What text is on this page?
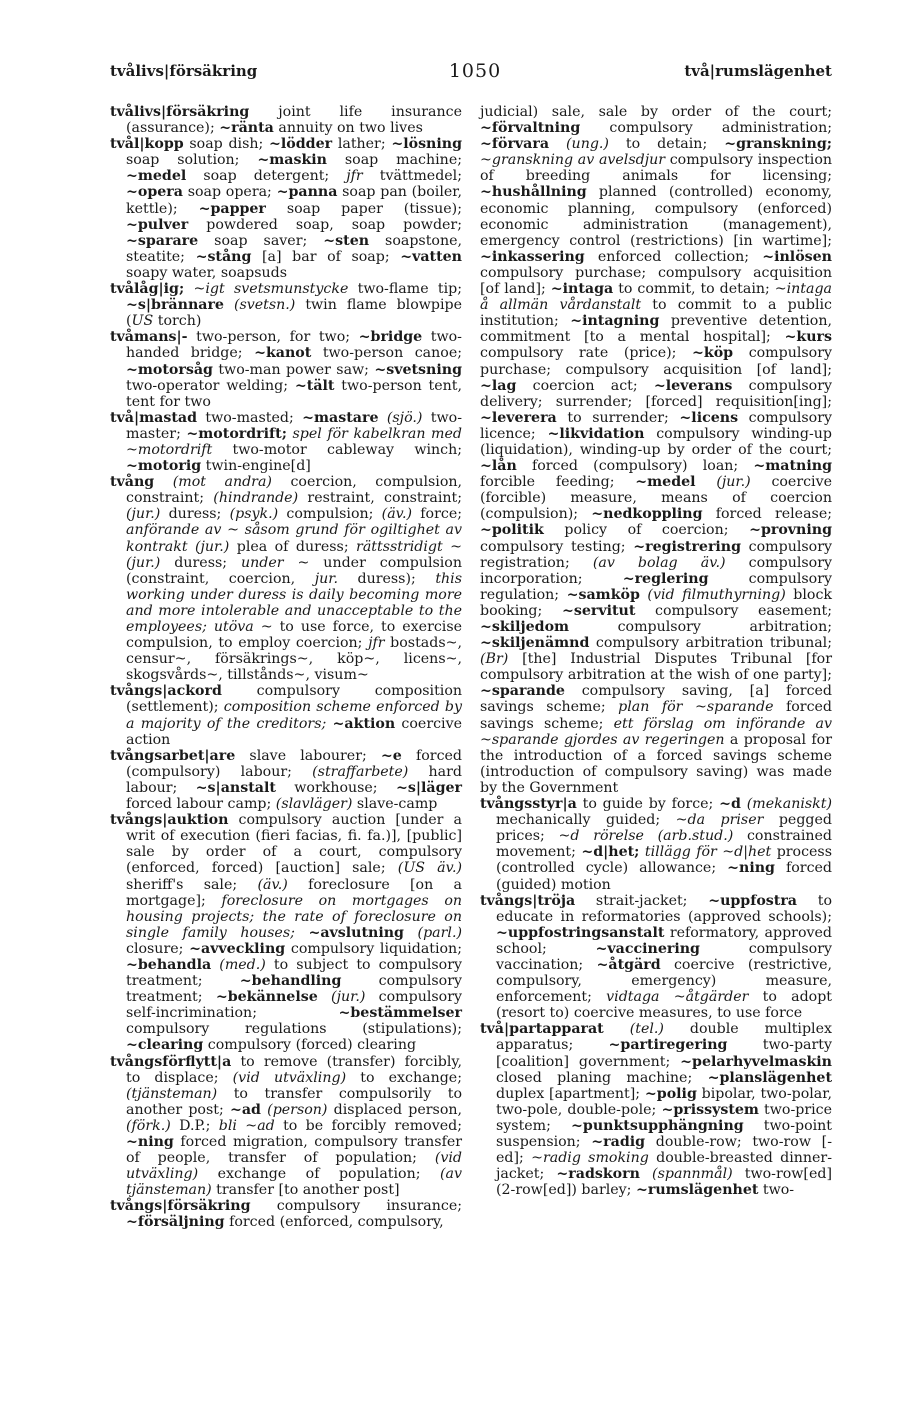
tvålivs|försäkring	1050	två|rumslägenhet

tvålivs|försäkring joint life insurance (assurance); ~ränta annuity on two lives

tvål|kopp soap dish; ~lödder lather; ~lösning soap solution; ~maskin soap machine; ~medel soap detergent; jfr tvättmedel; ~opera soap opera; ~panna soap pan (boiler, kettle); ~papper soap paper (tissue); ~pulver powdered soap, soap powder; ~sparare soap saver; ~sten soapstone, steatite; ~stång [a] bar of soap; ~vatten soapy water, soapsuds

tvålåg|ig; ~igt svetsmunstycke two-flame tip; ~s|brännare (svetsn.) twin flame blowpipe (US torch)

tvåmans|- two-person, for two; ~bridge two-handed bridge; ~kanot two-person canoe; ~motorsåg two-man power saw; ~svetsning two-operator welding; ~tält two-person tent, tent for two

två|mastad two-masted; ~mastare (sjö.) two-master; ~motordrift; spel för kabelkran med ~motordrift two-motor cableway winch; ~motorig twin-engine[d]

tvång (mot andra) coercion, compulsion, constraint; (hindrande) restraint, constraint; (jur.) duress; (psyk.) compulsion; (äv.) force; anförande av ~ såsom grund för ogiltighet av kontrakt (jur.) plea of duress; rättsstridigt ~ (jur.) duress; under ~ under compulsion (constraint, coercion, jur. duress); this working under duress is daily becoming more and more intolerable and unacceptable to the employees; utöva ~ to use force, to exercise compulsion, to employ coercion; jfr bostads~, censur~, försäkrings~, köp~, licens~, skogsvårds~, tillstånds~, visum~

tvångs|ackord compulsory composition (settlement); composition scheme enforced by a majority of the creditors; ~aktion coercive action

tvångsarbet|are slave labourer; ~e forced (compulsory) labour; (straffarbete) hard labour; ~s|anstalt workhouse; ~s|läger forced labour camp; (slavläger) slave-camp

tvångs|auktion compulsory auction [under a writ of execution (fieri facias, fi. fa.)], [public] sale by order of a court, compulsory (enforced, forced) [auction] sale; (US äv.) sheriff's sale; (äv.) foreclosure [on a mortgage]; foreclosure on mortgages on housing projects; the rate of foreclosure on single family houses; ~avslutning (parl.) closure; ~avveckling compulsory liquidation; ~behandla (med.) to subject to compulsory treatment; ~behandling compulsory treatment; ~bekännelse (jur.) compulsory self-incrimination; ~bestämmelser compulsory regulations (stipulations); ~clearing compulsory (forced) clearing

tvångsförflytt|a to remove (transfer) forcibly, to displace; (vid utväxling) to exchange; (tjänsteman) to transfer compulsorily to another post; ~ad (person) displaced person, (förk.) D.P.; bli ~ad to be forcibly removed; ~ning forced migration, compulsory transfer of people, transfer of population; (vid utväxling) exchange of population; (av tjänsteman) transfer [to another post]

tvångs|försäkring compulsory insurance; ~försäljning forced (enforced, compulsory,

judicial) sale, sale by order of the court; ~förvaltning compulsory administration; ~förvara (ung.) to detain; ~granskning; ~granskning av avelsdjur compulsory inspection of breeding animals for licensing; ~hushållning planned (controlled) economy, economic planning, compulsory (enforced) economic administration (management), emergency control (restrictions) [in wartime]; ~inkassering enforced collection; ~inlösen compulsory purchase; compulsory acquisition [of land]; ~intaga to commit, to detain; ~intaga å allmän vårdanstalt to commit to a public institution; ~intagning preventive detention, commitment [to a mental hospital]; ~kurs compulsory rate (price); ~köp compulsory purchase; compulsory acquisition [of land]; ~lag coercion act; ~leverans compulsory delivery; surrender; [forced] requisition[ing]; ~leverera to surrender; ~licens compulsory licence; ~likvidation compulsory winding-up (liquidation), winding-up by order of the court; ~lån forced (compulsory) loan; ~matning forcible feeding; ~medel (jur.) coercive (forcible) measure, means of coercion (compulsion); ~nedkoppling forced release; ~politik policy of coercion; ~provning compulsory testing; ~registrering compulsory registration; (av bolag äv.) compulsory incorporation; ~reglering compulsory regulation; ~samköp (vid filmuthyrning) block booking; ~servitut compulsory easement; ~skiljedom compulsory arbitration; ~skiljenämnd compulsory arbitration tribunal; (Br) [the] Industrial Disputes Tribunal [for compulsory arbitration at the wish of one party]; ~sparande compulsory saving, [a] forced savings scheme; plan för ~sparande forced savings scheme; ett förslag om införande av ~sparande gjordes av regeringen a proposal for the introduction of a forced savings scheme (introduction of compulsory saving) was made by the Government

tvångsstyr|a to guide by force; ~d (mekaniskt) mechanically guided; ~da priser pegged prices; ~d rörelse (arb.stud.) constrained movement; ~d|het; tillägg för ~d|het process (controlled cycle) allowance; ~ning forced (guided) motion

tvångs|tröja strait-jacket; ~uppfostra to educate in reformatories (approved schools); ~uppfostringsanstalt reformatory, approved school; ~vaccinering compulsory vaccination; ~åtgärd coercive (restrictive, compulsory, emergency) measure, enforcement; vidtaga ~åtgärder to adopt (resort to) coercive measures, to use force

två|partapparat (tel.) double multiplex apparatus; ~partiregering two-party [coalition] government; ~pelarhyvelmaskin closed planing machine; ~planslägenhet duplex [apartment]; ~polig bipolar, two-polar, two-pole, double-pole; ~prissystem two-price system; ~punktsupphängning two-point suspension; ~radig double-row; two-row [-ed]; ~radig smoking double-breasted dinner-jacket; ~radskorn (spannmål) two-row[ed] (2-row[ed]) barley; ~rumslägenhet two-
